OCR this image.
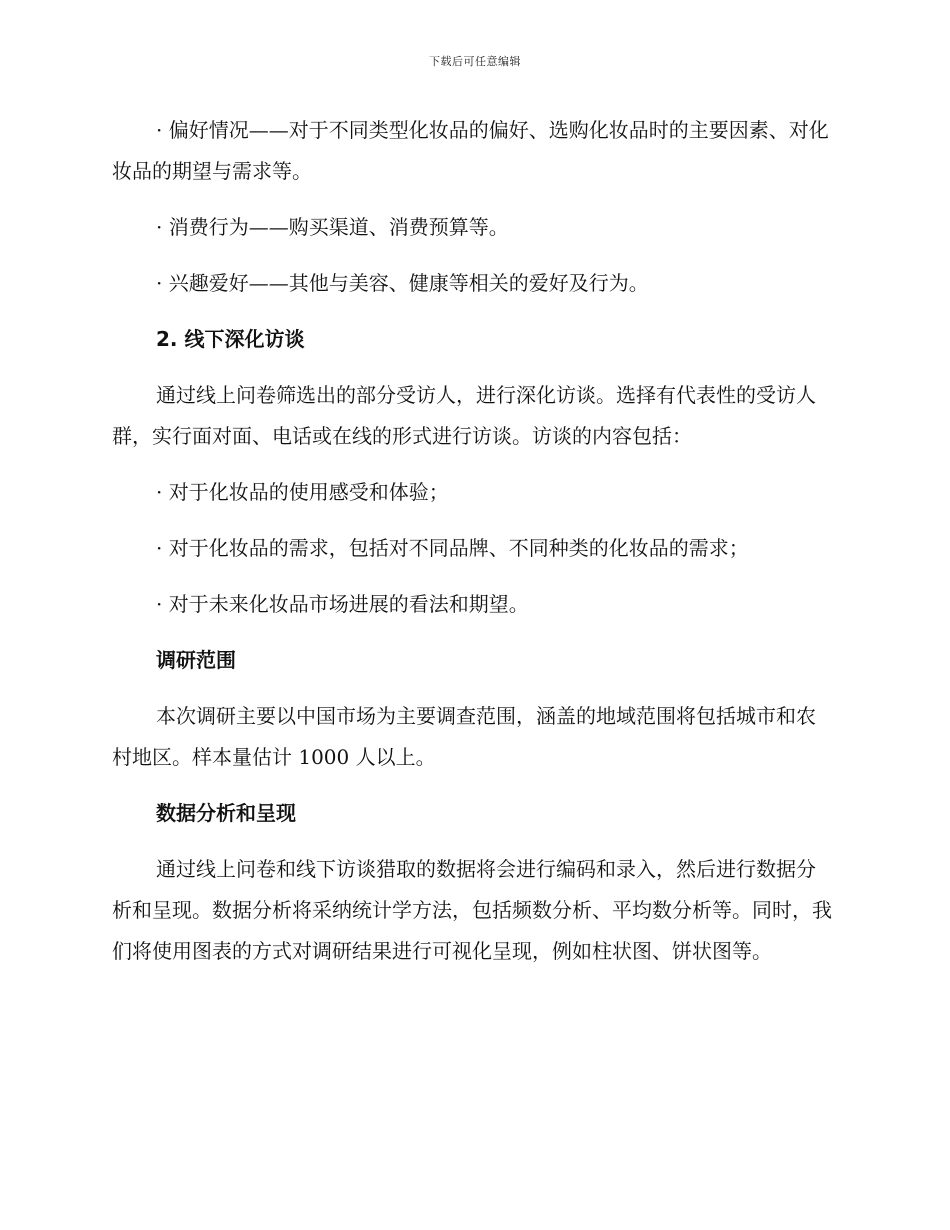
下载后可任意编辑

· 偏好情况——对于不同类型化妆品的偏好、选购化妆品时的主要因素、对化妆品的期望与需求等。

· 消费行为——购买渠道、消费预算等。

· 兴趣爱好——其他与美容、健康等相关的爱好及行为。

2. 线下深化访谈

通过线上问卷筛选出的部分受访人，进行深化访谈。选择有代表性的受访人群，实行面对面、电话或在线的形式进行访谈。访谈的内容包括：

· 对于化妆品的使用感受和体验；

· 对于化妆品的需求，包括对不同品牌、不同种类的化妆品的需求；

· 对于未来化妆品市场进展的看法和期望。

调研范围

本次调研主要以中国市场为主要调查范围，涵盖的地域范围将包括城市和农村地区。样本量估计 1000 人以上。

数据分析和呈现

通过线上问卷和线下访谈猎取的数据将会进行编码和录入，然后进行数据分析和呈现。数据分析将采纳统计学方法，包括频数分析、平均数分析等。同时，我们将使用图表的方式对调研结果进行可视化呈现，例如柱状图、饼状图等。
